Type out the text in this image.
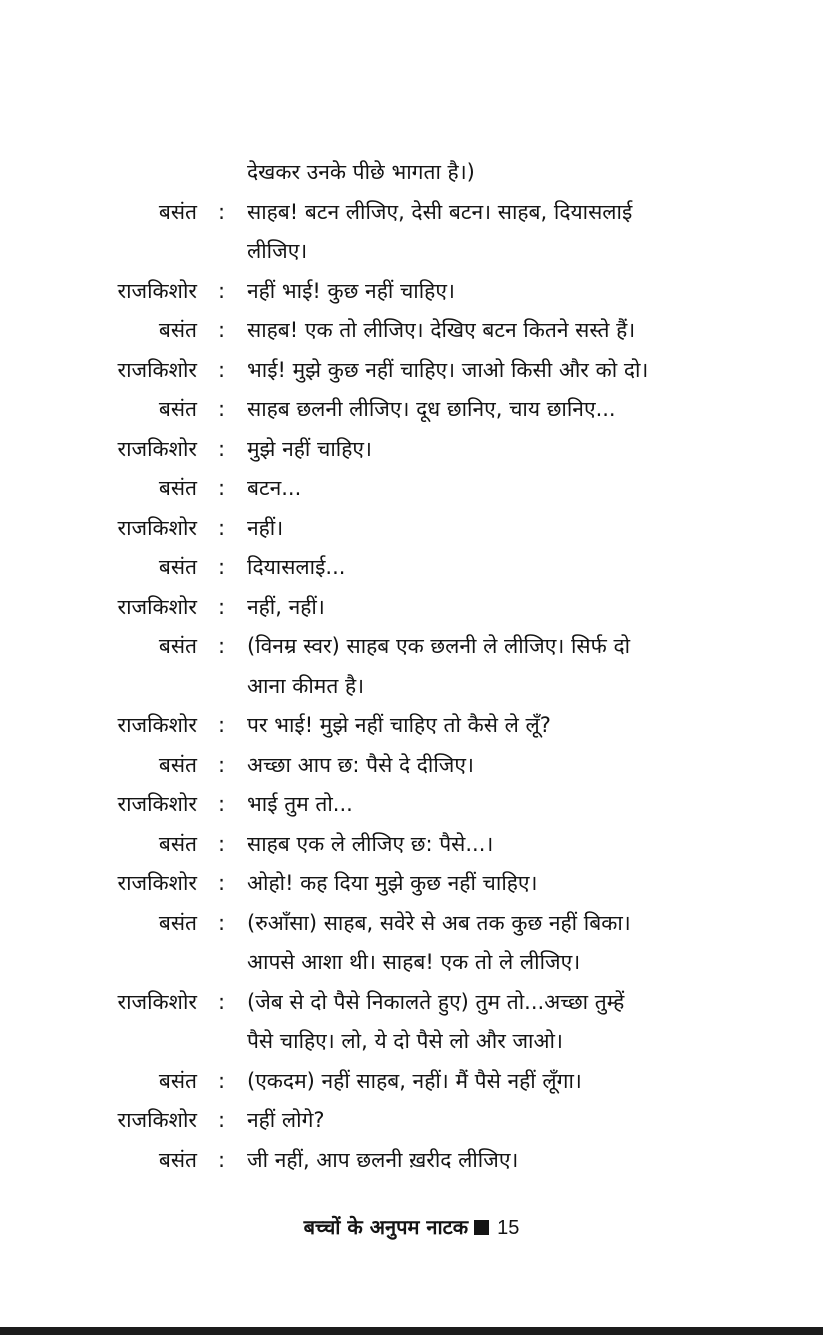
देखकर उनके पीछे भागता है।)
बसंत : साहब! बटन लीजिए, देसी बटन। साहब, दियासलाई
लीजिए।
राजकिशोर : नहीं भाई! कुछ नहीं चाहिए।
बसंत : साहब! एक तो लीजिए। देखिए बटन कितने सस्ते हैं।
राजकिशोर : भाई! मुझे कुछ नहीं चाहिए। जाओ किसी और को दो।
बसंत : साहब छलनी लीजिए। दूध छानिए, चाय छानिए...
राजकिशोर : मुझे नहीं चाहिए।
बसंत : बटन...
राजकिशोर : नहीं।
बसंत : दियासलाई...
राजकिशोर : नहीं, नहीं।
बसंत : (विनम्र स्वर) साहब एक छलनी ले लीजिए। सिर्फ दो
आना कीमत है।
राजकिशोर : पर भाई! मुझे नहीं चाहिए तो कैसे ले लूँ?
बसंत : अच्छा आप छ: पैसे दे दीजिए।
राजकिशोर : भाई तुम तो...
बसंत : साहब एक ले लीजिए छ: पैसे...।
राजकिशोर : ओहो! कह दिया मुझे कुछ नहीं चाहिए।
बसंत : (रुआँसा) साहब, सवेरे से अब तक कुछ नहीं बिका।
आपसे आशा थी। साहब! एक तो ले लीजिए।
राजकिशोर : (जेब से दो पैसे निकालते हुए) तुम तो...अच्छा तुम्हें
पैसे चाहिए। लो, ये दो पैसे लो और जाओ।
बसंत : (एकदम) नहीं साहब, नहीं। मैं पैसे नहीं लूँगा।
राजकिशोर : नहीं लोगे?
बसंत : जी नहीं, आप छलनी ख़रीद लीजिए।
बच्चों के अनुपम नाटक 15
